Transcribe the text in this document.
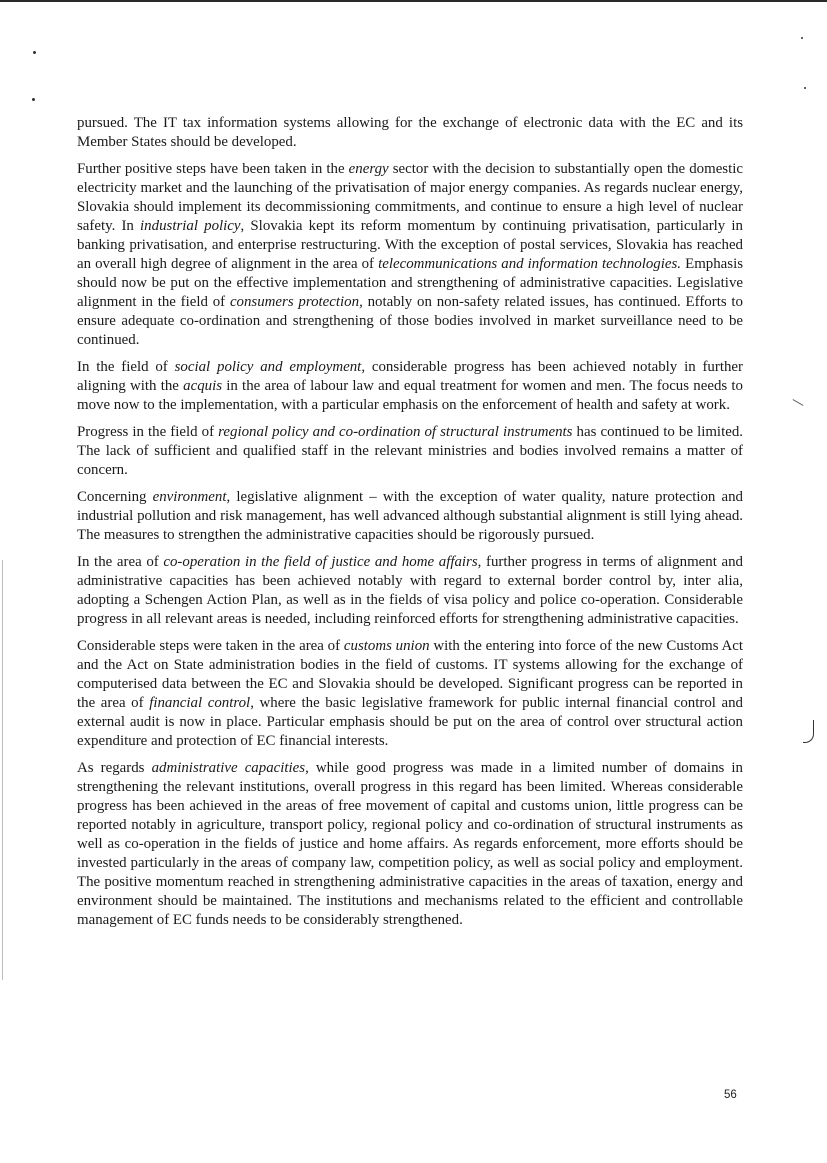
pursued. The IT tax information systems allowing for the exchange of electronic data with the EC and its Member States should be developed.

Further positive steps have been taken in the energy sector with the decision to substantially open the domestic electricity market and the launching of the privatisation of major energy companies. As regards nuclear energy, Slovakia should implement its decommissioning commitments, and continue to ensure a high level of nuclear safety. In industrial policy, Slovakia kept its reform momentum by continuing privatisation, particularly in banking privatisation, and enterprise restructuring. With the exception of postal services, Slovakia has reached an overall high degree of alignment in the area of telecommunications and information technologies. Emphasis should now be put on the effective implementation and strengthening of administrative capacities. Legislative alignment in the field of consumers protection, notably on non-safety related issues, has continued. Efforts to ensure adequate co-ordination and strengthening of those bodies involved in market surveillance need to be continued.

In the field of social policy and employment, considerable progress has been achieved notably in further aligning with the acquis in the area of labour law and equal treatment for women and men. The focus needs to move now to the implementation, with a particular emphasis on the enforcement of health and safety at work.

Progress in the field of regional policy and co-ordination of structural instruments has continued to be limited. The lack of sufficient and qualified staff in the relevant ministries and bodies involved remains a matter of concern.

Concerning environment, legislative alignment – with the exception of water quality, nature protection and industrial pollution and risk management, has well advanced although substantial alignment is still lying ahead. The measures to strengthen the administrative capacities should be rigorously pursued.

In the area of co-operation in the field of justice and home affairs, further progress in terms of alignment and administrative capacities has been achieved notably with regard to external border control by, inter alia, adopting a Schengen Action Plan, as well as in the fields of visa policy and police co-operation. Considerable progress in all relevant areas is needed, including reinforced efforts for strengthening administrative capacities.

Considerable steps were taken in the area of customs union with the entering into force of the new Customs Act and the Act on State administration bodies in the field of customs. IT systems allowing for the exchange of computerised data between the EC and Slovakia should be developed. Significant progress can be reported in the area of financial control, where the basic legislative framework for public internal financial control and external audit is now in place. Particular emphasis should be put on the area of control over structural action expenditure and protection of EC financial interests.

As regards administrative capacities, while good progress was made in a limited number of domains in strengthening the relevant institutions, overall progress in this regard has been limited. Whereas considerable progress has been achieved in the areas of free movement of capital and customs union, little progress can be reported notably in agriculture, transport policy, regional policy and co-ordination of structural instruments as well as co-operation in the fields of justice and home affairs. As regards enforcement, more efforts should be invested particularly in the areas of company law, competition policy, as well as social policy and employment. The positive momentum reached in strengthening administrative capacities in the areas of taxation, energy and environment should be maintained. The institutions and mechanisms related to the efficient and controllable management of EC funds needs to be considerably strengthened.

56
